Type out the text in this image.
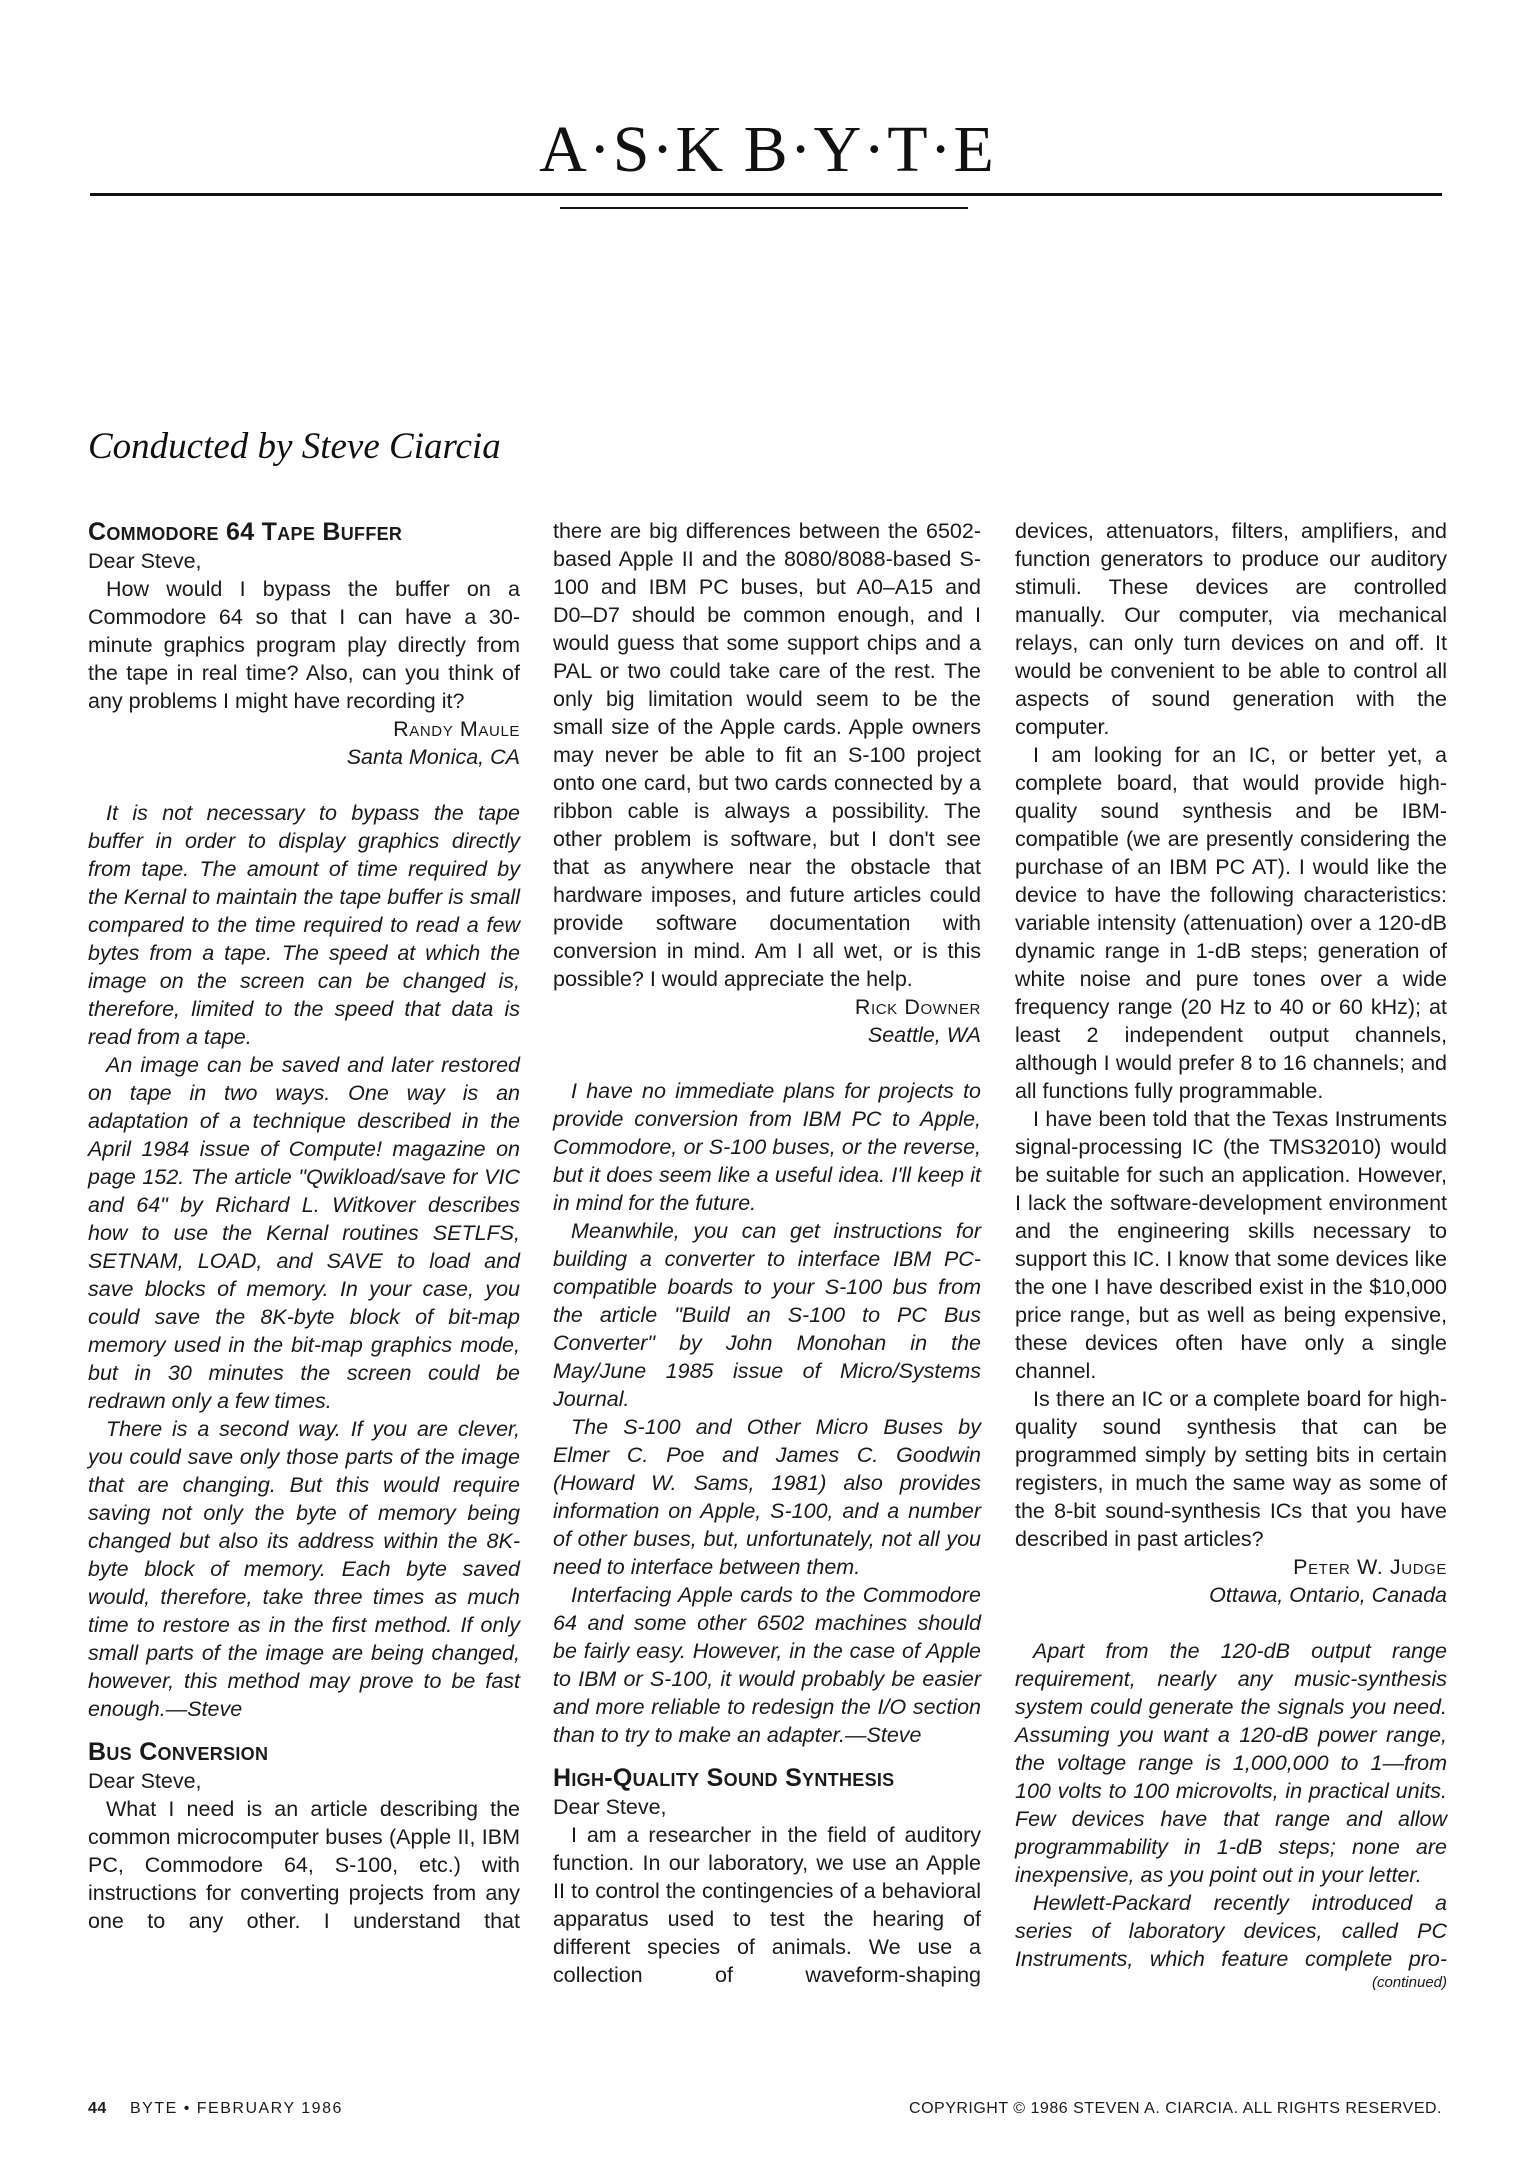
A·S·K B·Y·T·E
Conducted by Steve Ciarcia
Commodore 64 Tape Buffer
Dear Steve,

How would I bypass the buffer on a Commodore 64 so that I can have a 30-minute graphics program play directly from the tape in real time? Also, can you think of any problems I might have recording it?

Randy Maule
Santa Monica, CA

It is not necessary to bypass the tape buffer in order to display graphics directly from tape. The amount of time required by the Kernal to maintain the tape buffer is small compared to the time required to read a few bytes from a tape. The speed at which the image on the screen can be changed is, therefore, limited to the speed that data is read from a tape.

An image can be saved and later restored on tape in two ways. One way is an adaptation of a technique described in the April 1984 issue of Compute! magazine on page 152. The article "Qwikload/save for VIC and 64" by Richard L. Witkover describes how to use the Kernal routines SETLFS, SETNAM, LOAD, and SAVE to load and save blocks of memory. In your case, you could save the 8K-byte block of bit-map memory used in the bit-map graphics mode, but in 30 minutes the screen could be redrawn only a few times.

There is a second way. If you are clever, you could save only those parts of the image that are changing. But this would require saving not only the byte of memory being changed but also its address within the 8K-byte block of memory. Each byte saved would, therefore, take three times as much time to restore as in the first method. If only small parts of the image are being changed, however, this method may prove to be fast enough.—Steve

Bus Conversion
Dear Steve,

What I need is an article describing the common microcomputer buses (Apple II, IBM PC, Commodore 64, S-100, etc.) with instructions for converting projects from any one to any other. I understand that

there are big differences between the 6502-based Apple II and the 8080/8088-based S-100 and IBM PC buses, but A0–A15 and D0–D7 should be common enough, and I would guess that some support chips and a PAL or two could take care of the rest. The only big limitation would seem to be the small size of the Apple cards. Apple owners may never be able to fit an S-100 project onto one card, but two cards connected by a ribbon cable is always a possibility. The other problem is software, but I don't see that as anywhere near the obstacle that hardware imposes, and future articles could provide software documentation with conversion in mind. Am I all wet, or is this possible? I would appreciate the help.

Rick Downer
Seattle, WA

I have no immediate plans for projects to provide conversion from IBM PC to Apple, Commodore, or S-100 buses, or the reverse, but it does seem like a useful idea. I'll keep it in mind for the future.

Meanwhile, you can get instructions for building a converter to interface IBM PC-compatible boards to your S-100 bus from the article "Build an S-100 to PC Bus Converter" by John Monohan in the May/June 1985 issue of Micro/Systems Journal.

The S-100 and Other Micro Buses by Elmer C. Poe and James C. Goodwin (Howard W. Sams, 1981) also provides information on Apple, S-100, and a number of other buses, but, unfortunately, not all you need to interface between them.

Interfacing Apple cards to the Commodore 64 and some other 6502 machines should be fairly easy. However, in the case of Apple to IBM or S-100, it would probably be easier and more reliable to redesign the I/O section than to try to make an adapter.—Steve

High-Quality Sound Synthesis
Dear Steve,

I am a researcher in the field of auditory function. In our laboratory, we use an Apple II to control the contingencies of a behavioral apparatus used to test the hearing of different species of animals. We use a collection of waveform-shaping

devices, attenuators, filters, amplifiers, and function generators to produce our auditory stimuli. These devices are controlled manually. Our computer, via mechanical relays, can only turn devices on and off. It would be convenient to be able to control all aspects of sound generation with the computer.

I am looking for an IC, or better yet, a complete board, that would provide high-quality sound synthesis and be IBM-compatible (we are presently considering the purchase of an IBM PC AT). I would like the device to have the following characteristics: variable intensity (attenuation) over a 120-dB dynamic range in 1-dB steps; generation of white noise and pure tones over a wide frequency range (20 Hz to 40 or 60 kHz); at least 2 independent output channels, although I would prefer 8 to 16 channels; and all functions fully programmable.

I have been told that the Texas Instruments signal-processing IC (the TMS32010) would be suitable for such an application. However, I lack the software-development environment and the engineering skills necessary to support this IC. I know that some devices like the one I have described exist in the $10,000 price range, but as well as being expensive, these devices often have only a single channel.

Is there an IC or a complete board for high-quality sound synthesis that can be programmed simply by setting bits in certain registers, in much the same way as some of the 8-bit sound-synthesis ICs that you have described in past articles?

Peter W. Judge
Ottawa, Ontario, Canada

Apart from the 120-dB output range requirement, nearly any music-synthesis system could generate the signals you need. Assuming you want a 120-dB power range, the voltage range is 1,000,000 to 1—from 100 volts to 100 microvolts, in practical units. Few devices have that range and allow programmability in 1-dB steps; none are inexpensive, as you point out in your letter.

Hewlett-Packard recently introduced a series of laboratory devices, called PC Instruments, which feature complete pro-

(continued)
44 BYTE • FEBRUARY 1986	COPYRIGHT © 1986 STEVEN A. CIARCIA. ALL RIGHTS RESERVED.
